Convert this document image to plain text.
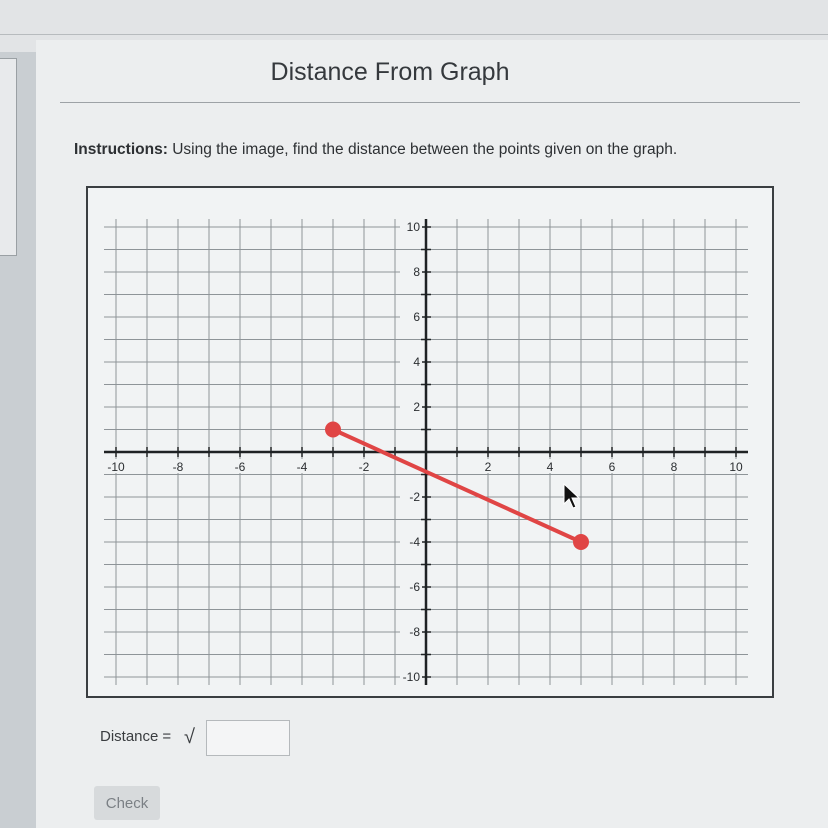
Distance From Graph
Instructions: Using the image, find the distance between the points given on the graph.
-10	-8	-6	-4	-2	2	4	6	8	10
10
8
6
4
2
-2
-4
-6
-8
-10
Distance = √
Check
